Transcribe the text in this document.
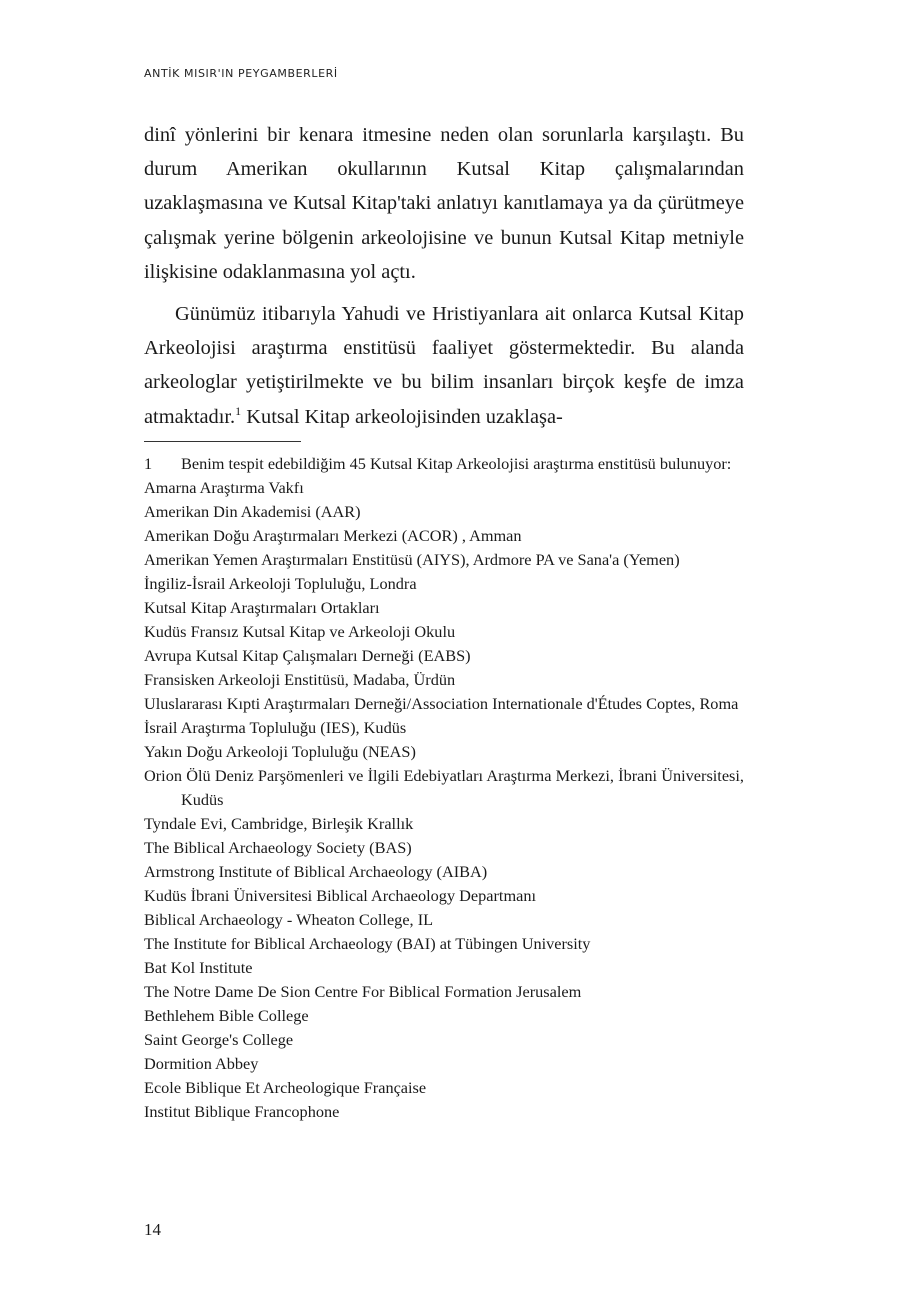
ANTİK MISIR'IN PEYGAMBERLERİ

dinî yönlerini bir kenara itmesine neden olan sorunlarla karşılaştı. Bu durum Amerikan okullarının Kutsal Kitap çalışmalarından uzaklaşmasına ve Kutsal Kitap'taki anlatıyı kanıtlamaya ya da çürütmeye çalışmak yerine bölgenin arkeolojisine ve bunun Kutsal Kitap metniyle ilişkisine odaklanmasına yol açtı.

Günümüz itibarıyla Yahudi ve Hristiyanlara ait onlarca Kutsal Kitap Arkeolojisi araştırma enstitüsü faaliyet göstermektedir. Bu alanda arkeologlar yetiştirilmekte ve bu bilim insanları birçok keşfe de imza atmaktadır.$^1$ Kutsal Kitap arkeolojisinden uzaklaşa-

1 Benim tespit edebildiğim 45 Kutsal Kitap Arkeolojisi araştırma enstitüsü bulunuyor:
Amarna Araştırma Vakfı
Amerikan Din Akademisi (AAR)
Amerikan Doğu Araştırmaları Merkezi (ACOR) , Amman
Amerikan Yemen Araştırmaları Enstitüsü (AIYS), Ardmore PA ve Sana'a (Yemen)
İngiliz-İsrail Arkeoloji Topluluğu, Londra
Kutsal Kitap Araştırmaları Ortakları
Kudüs Fransız Kutsal Kitap ve Arkeoloji Okulu
Avrupa Kutsal Kitap Çalışmaları Derneği (EABS)
Fransisken Arkeoloji Enstitüsü, Madaba, Ürdün
Uluslararası Kıpti Araştırmaları Derneği/Association Internationale d'Études Coptes, Roma
İsrail Araştırma Topluluğu (IES), Kudüs
Yakın Doğu Arkeoloji Topluluğu (NEAS)
Orion Ölü Deniz Parşömenleri ve İlgili Edebiyatları Araştırma Merkezi, İbrani Üniversitesi, Kudüs
Tyndale Evi, Cambridge, Birleşik Krallık
The Biblical Archaeology Society (BAS)
Armstrong Institute of Biblical Archaeology (AIBA)
Kudüs İbrani Üniversitesi Biblical Archaeology Departmanı
Biblical Archaeology - Wheaton College, IL
The Institute for Biblical Archaeology (BAI) at Tübingen University
Bat Kol Institute
The Notre Dame De Sion Centre For Biblical Formation Jerusalem
Bethlehem Bible College
Saint George's College
Dormition Abbey
Ecole Biblique Et Archeologique Française
Institut Biblique Francophone
14
